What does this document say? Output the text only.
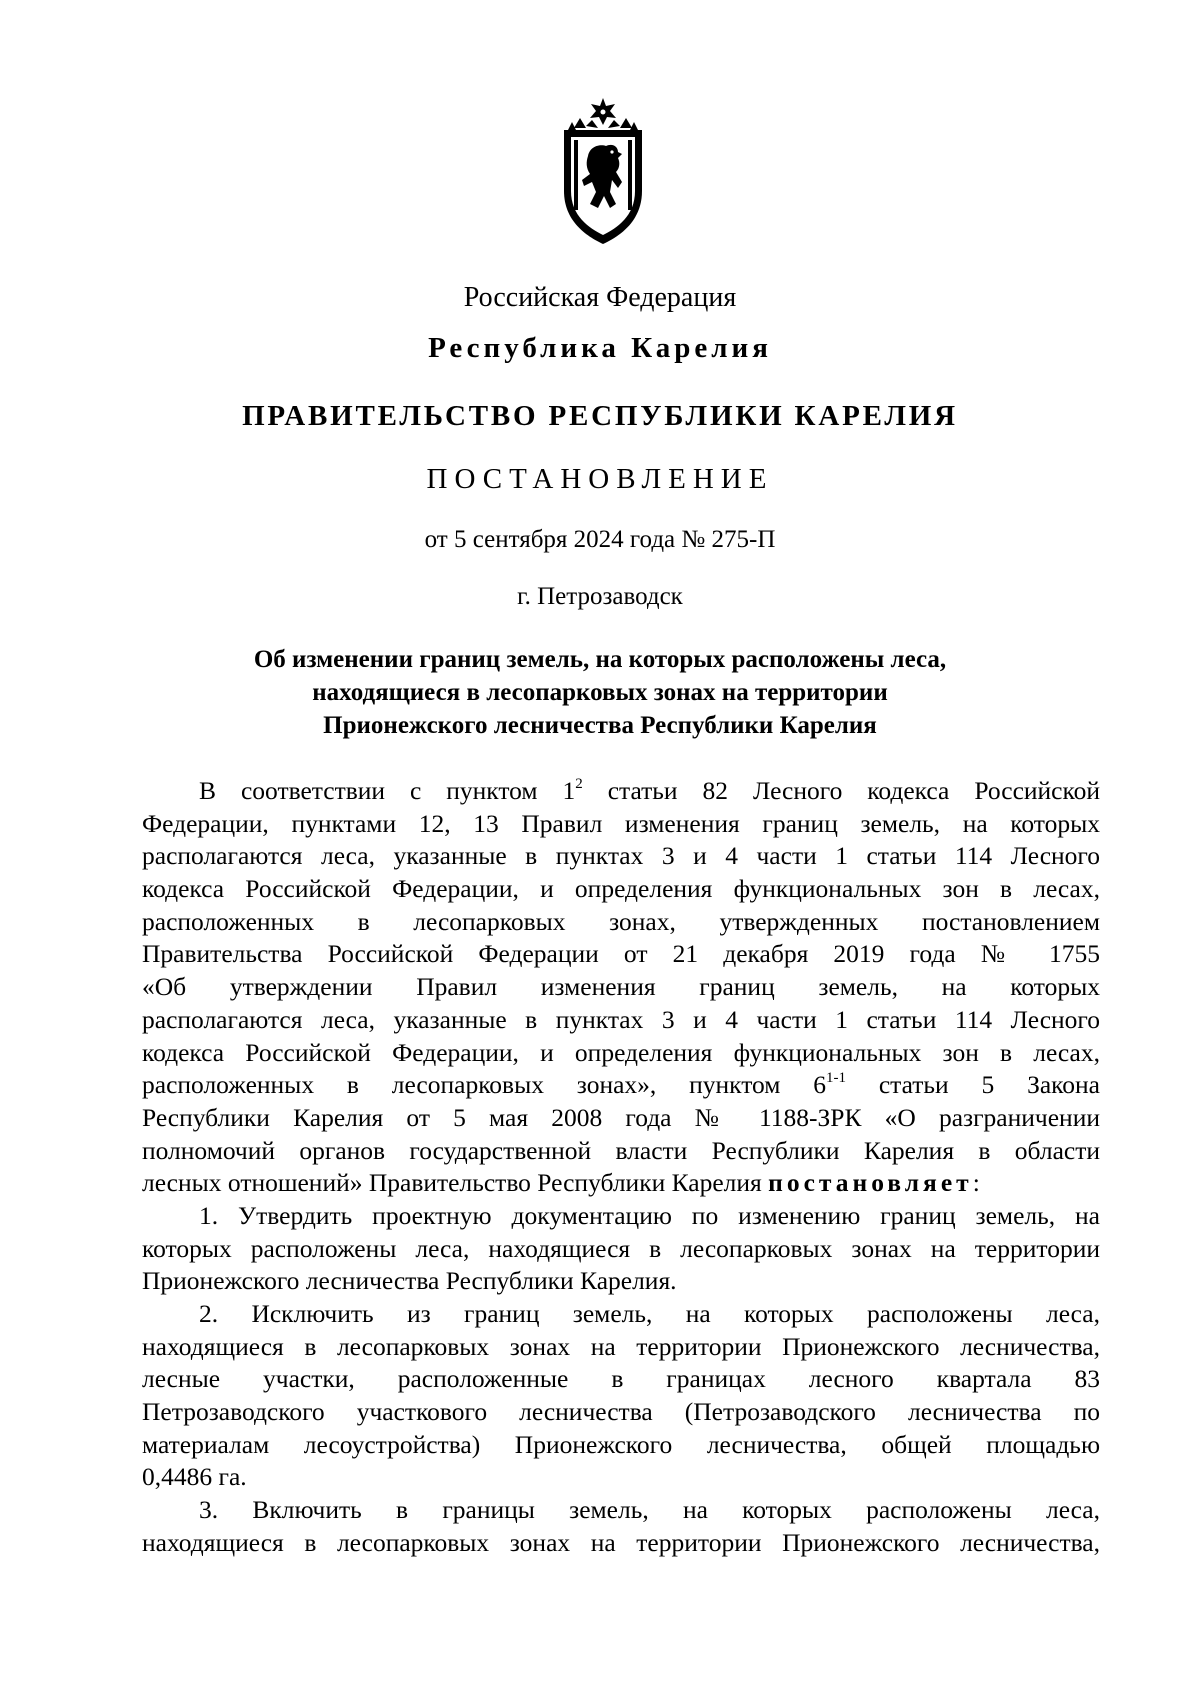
Российская Федерация
Республика Карелия
ПРАВИТЕЛЬСТВО РЕСПУБЛИКИ КАРЕЛИЯ
ПОСТАНОВЛЕНИЕ
от 5 сентября 2024 года № 275-П
г. Петрозаводск
Об изменении границ земель, на которых расположены леса,
находящиеся в лесопарковых зонах на территории
Прионежского лесничества Республики Карелия
В соответствии с пунктом $1^2$ статьи 82 Лесного кодекса Российской
Федерации, пунктами 12, 13 Правил изменения границ земель, на которых
располагаются леса, указанные в пунктах 3 и 4 части 1 статьи 114 Лесного
кодекса Российской Федерации, и определения функциональных зон в лесах,
расположенных в лесопарковых зонах, утвержденных постановлением
Правительства Российской Федерации от 21 декабря 2019 года № 1755
«Об утверждении Правил изменения границ земель, на которых
располагаются леса, указанные в пунктах 3 и 4 части 1 статьи 114 Лесного
кодекса Российской Федерации, и определения функциональных зон в лесах,
расположенных в лесопарковых зонах», пунктом 6$^{1-1}$ статьи 5 Закона
Республики Карелия от 5 мая 2008 года № 1188-ЗРК «О разграничении
полномочий органов государственной власти Республики Карелия в области
лесных отношений» Правительство Республики Карелия постановляет:
1. Утвердить проектную документацию по изменению границ земель, на
которых расположены леса, находящиеся в лесопарковых зонах на территории
Прионежского лесничества Республики Карелия.
2. Исключить из границ земель, на которых расположены леса,
находящиеся в лесопарковых зонах на территории Прионежского лесничества,
лесные участки, расположенные в границах лесного квартала 83
Петрозаводского участкового лесничества (Петрозаводского лесничества по
материалам лесоустройства) Прионежского лесничества, общей площадью
0,4486 га.
3. Включить в границы земель, на которых расположены леса,
находящиеся в лесопарковых зонах на территории Прионежского лесничества,
